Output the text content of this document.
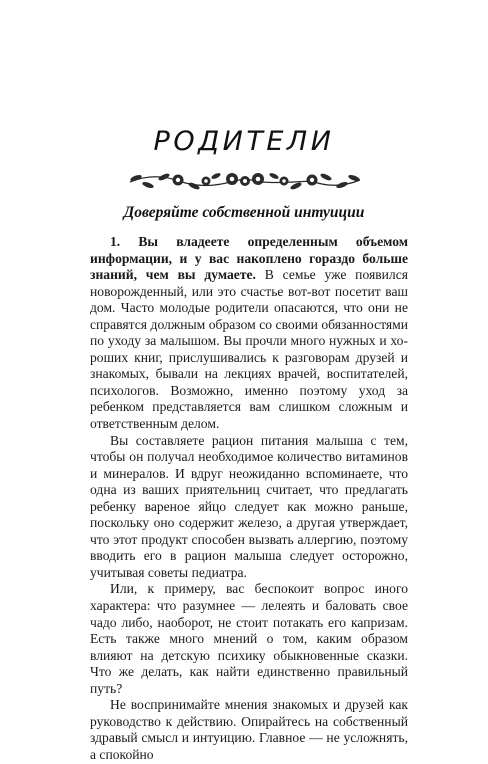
РОДИТЕЛИ
Доверяйте собственной интуиции

1. Вы владеете определенным объемом информации, и у вас накоплено гораздо больше знаний, чем вы думаете. В семье уже появился новорожденный, или это счастье вот-вот посетит ваш дом. Часто молодые родители опасаются, что они не справятся должным образом со своими обязанностями по уходу за малышом. Вы прочли много нужных и хороших книг, прислушивались к разговорам друзей и знакомых, бывали на лекциях врачей, воспитателей, психологов. Возможно, именно поэтому уход за ребенком представляется вам слишком сложным и ответственным делом.

Вы составляете рацион питания малыша с тем, чтобы он получал необходимое количество витаминов и минералов. И вдруг неожиданно вспоминаете, что одна из ваших приятельниц считает, что предлагать ребенку вареное яйцо следует как можно раньше, поскольку оно содержит железо, а другая утверждает, что этот продукт способен вызвать аллергию, поэтому вводить его в рацион малыша следует осторожно, учитывая советы педиатра.

Или, к примеру, вас беспокоит вопрос иного характера: что разумнее — лелеять и баловать свое чадо либо, наоборот, не стоит потакать его капризам. Есть также много мнений о том, каким образом влияют на детскую психику обыкновенные сказки. Что же делать, как найти единственно правильный путь?

Не воспринимайте мнения знакомых и друзей как руководство к действию. Опирайтесь на собственный здравый смысл и интуицию. Главное — не усложнять, а спокойно
